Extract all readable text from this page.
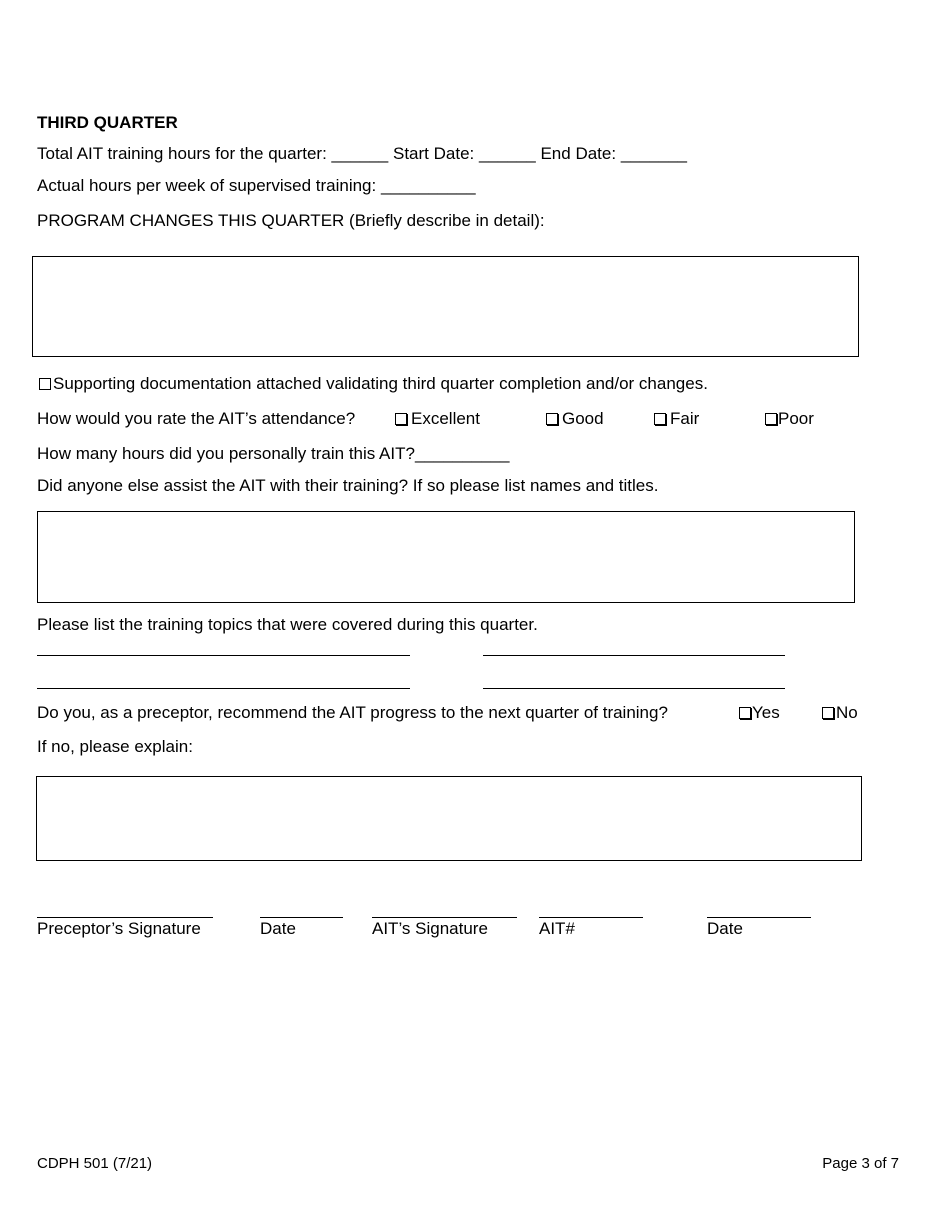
THIRD QUARTER
Total AIT training hours for the quarter: ______ Start Date: ______ End Date: _______
Actual hours per week of supervised training: __________
PROGRAM CHANGES THIS QUARTER (Briefly describe in detail):
Supporting documentation attached validating third quarter completion and/or changes.
How would you rate the AIT’s attendance?	Excellent	Good	Fair	Poor
How many hours did you personally train this AIT?__________
Did anyone else assist the AIT with their training? If so please list names and titles.
Please list the training topics that were covered during this quarter.
Do you, as a preceptor, recommend the AIT progress to the next quarter of training?	Yes	No
If no, please explain:
Preceptor’s Signature	Date	AIT’s Signature	AIT#	Date
CDPH 501 (7/21)	Page 3 of 7
